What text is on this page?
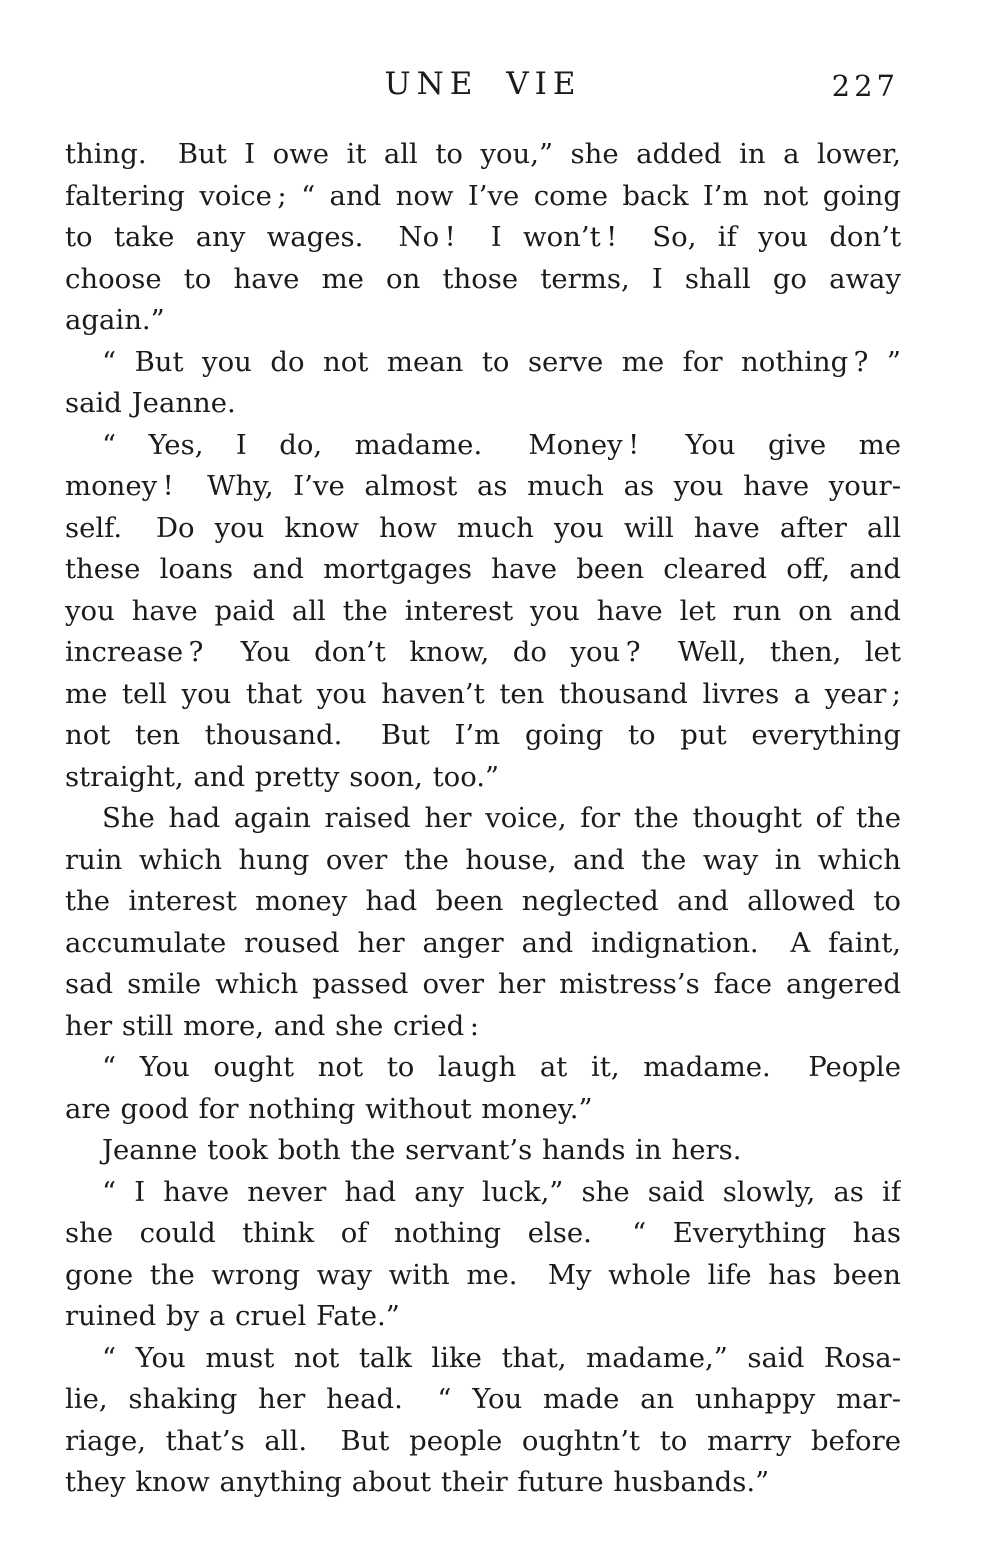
UNE VIE	227
thing.  But I owe it all to you,” she added in a lower,
faltering voice ; “ and now I’ve come back I’m not going
to take any wages.  No !  I won’t !  So, if you don’t
choose to have me on those terms, I shall go away
again.”
“ But you do not mean to serve me for nothing ? ”
said Jeanne.
“ Yes, I do, madame.  Money !  You give me
money !  Why, I’ve almost as much as you have your-
self.  Do you know how much you will have after all
these loans and mortgages have been cleared off, and
you have paid all the interest you have let run on and
increase ?  You don’t know, do you ?  Well, then, let
me tell you that you haven’t ten thousand livres a year ;
not ten thousand.  But I’m going to put everything
straight, and pretty soon, too.”
She had again raised her voice, for the thought of the
ruin which hung over the house, and the way in which
the interest money had been neglected and allowed to
accumulate roused her anger and indignation.  A faint,
sad smile which passed over her mistress’s face angered
her still more, and she cried :
“ You ought not to laugh at it, madame.  People
are good for nothing without money.”
Jeanne took both the servant’s hands in hers.
“ I have never had any luck,” she said slowly, as if
she could think of nothing else.  “ Everything has
gone the wrong way with me.  My whole life has been
ruined by a cruel Fate.”
“ You must not talk like that, madame,” said Rosa-
lie, shaking her head.  “ You made an unhappy mar-
riage, that’s all.  But people oughtn’t to marry before
they know anything about their future husbands.”
